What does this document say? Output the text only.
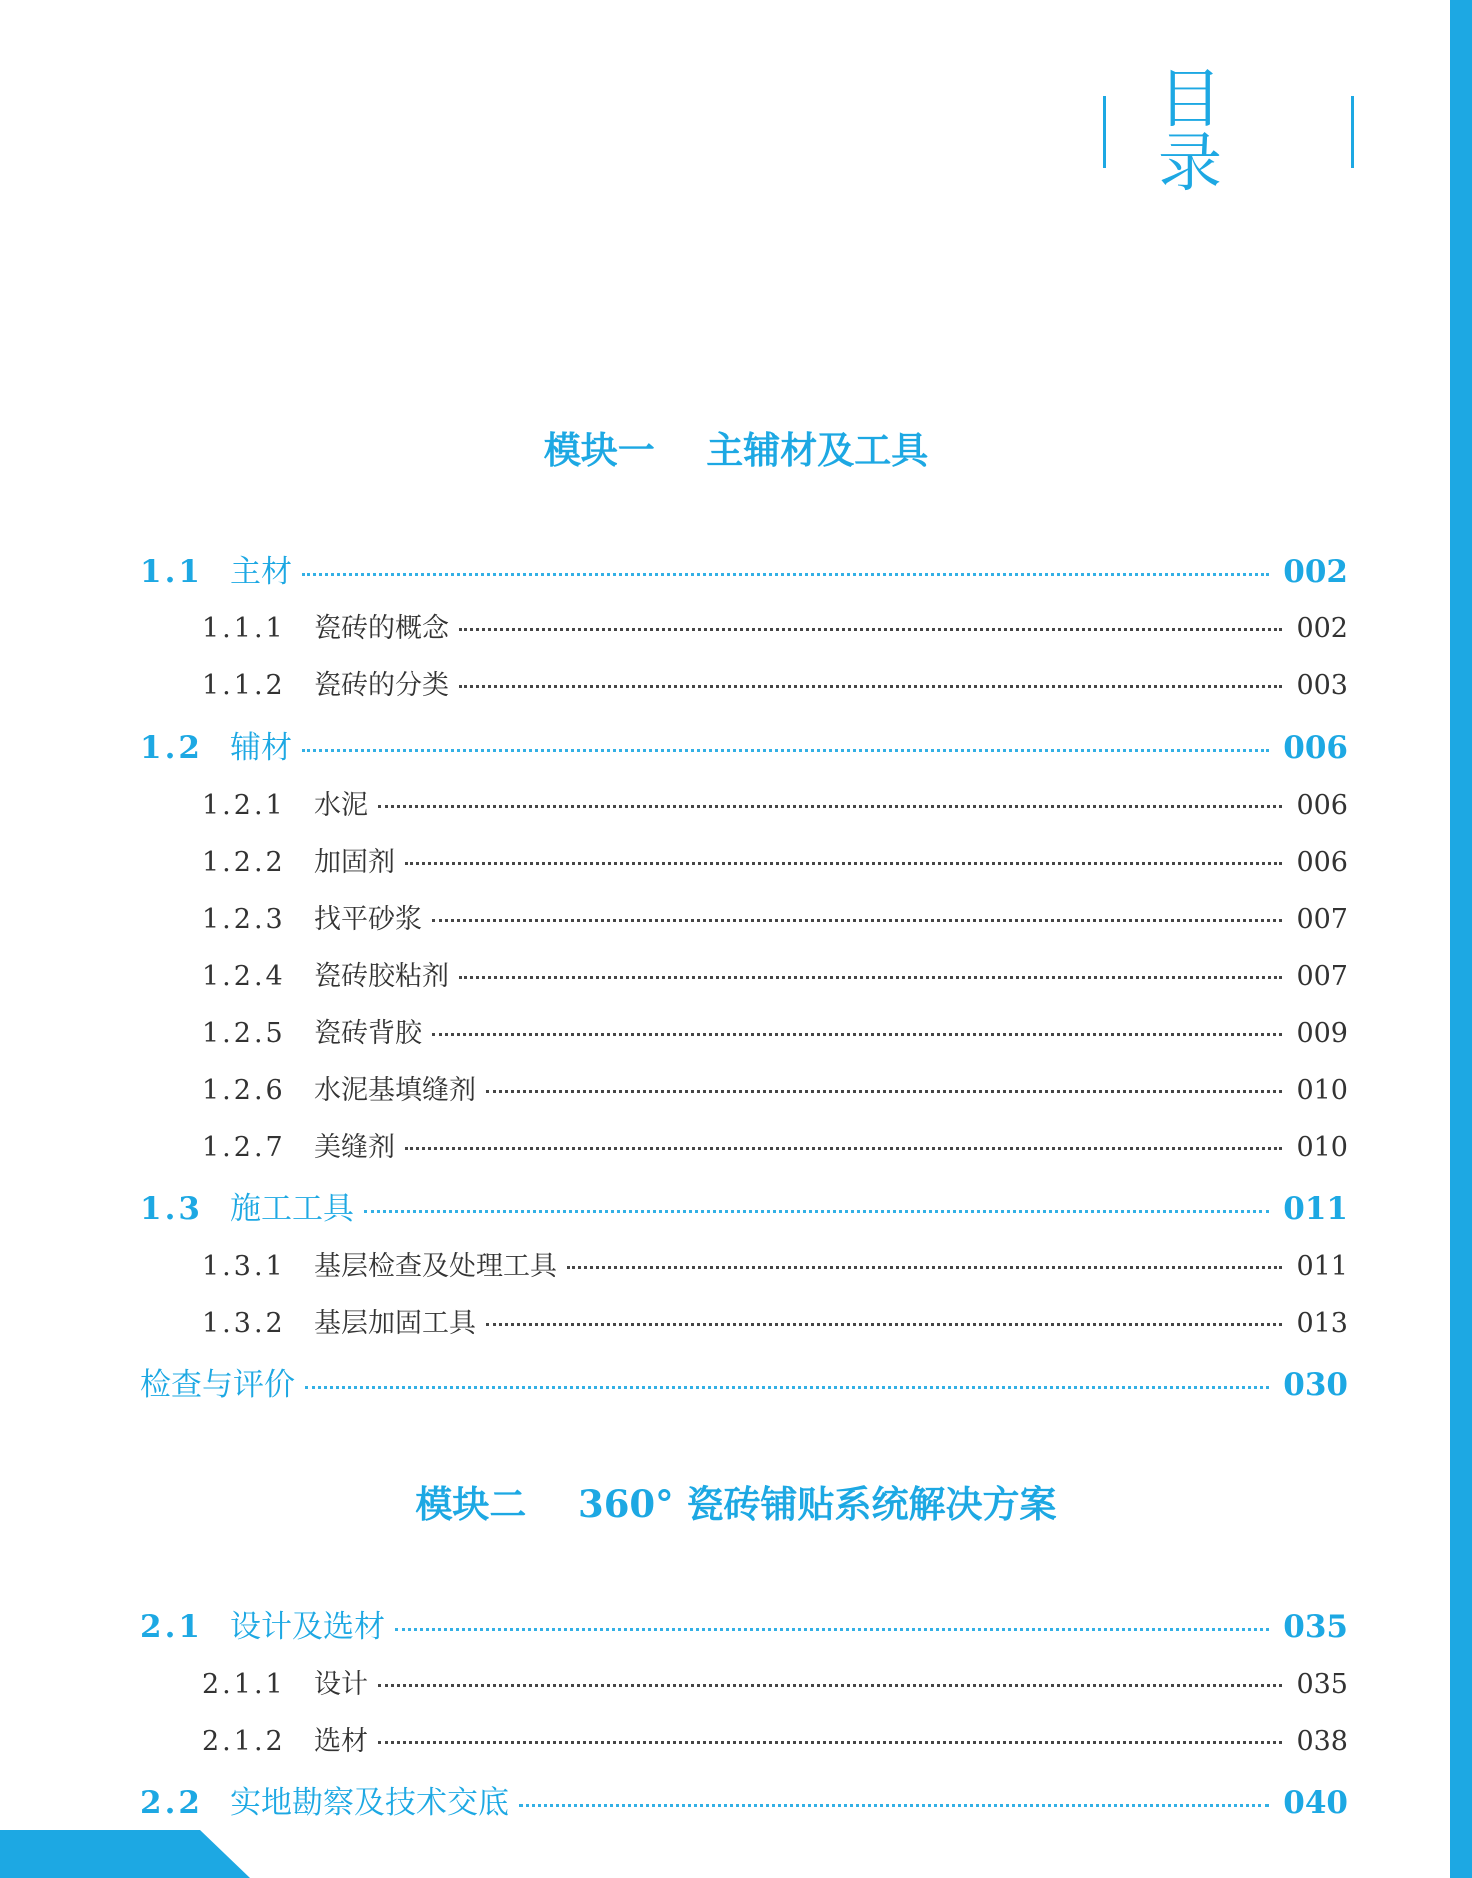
目 录
模块一    主辅材及工具
1.1 主材	002
1.1.1	瓷砖的概念	002
1.1.2	瓷砖的分类	003
1.2 辅材	006
1.2.1	水泥	006
1.2.2	加固剂	006
1.2.3	找平砂浆	007
1.2.4	瓷砖胶粘剂	007
1.2.5	瓷砖背胶	009
1.2.6	水泥基填缝剂	010
1.2.7	美缝剂	010
1.3 施工工具	011
1.3.1	基层检查及处理工具	011
1.3.2	基层加固工具	013
检查与评价	030
模块二    360° 瓷砖铺贴系统解决方案
2.1 设计及选材	035
2.1.1	设计	035
2.1.2	选材	038
2.2 实地勘察及技术交底	040
